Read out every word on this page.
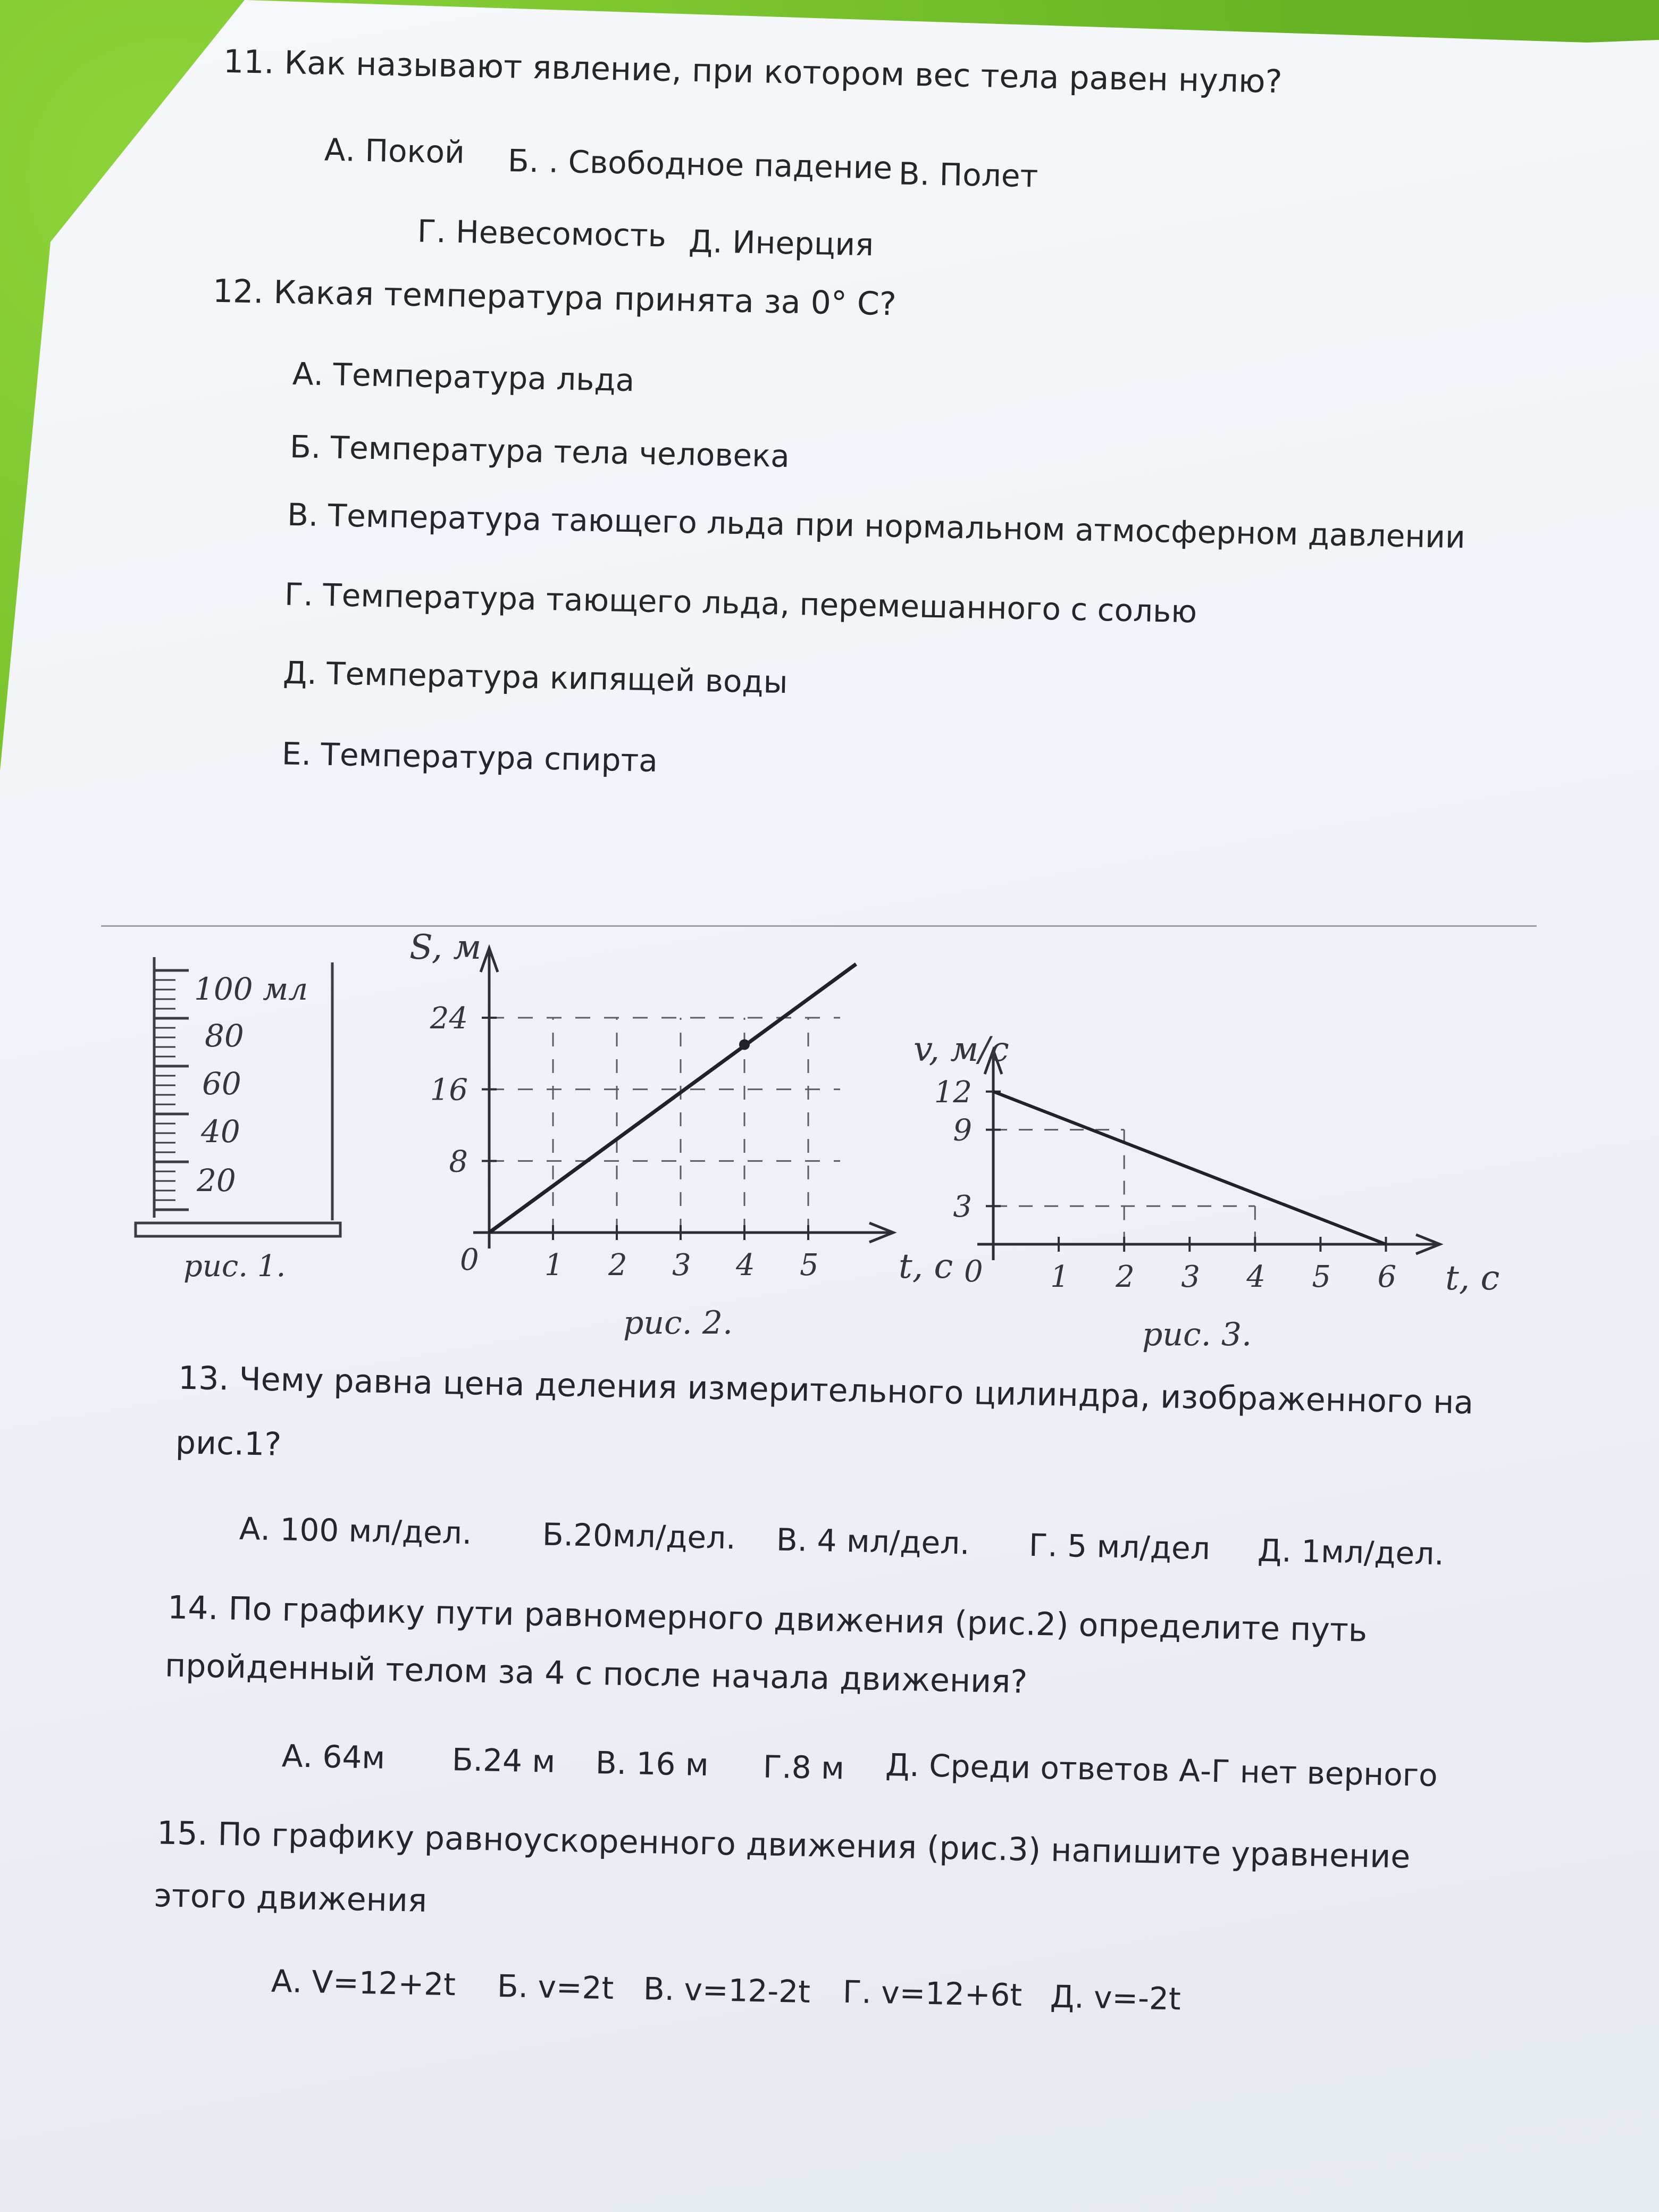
11. Как называют явление, при котором вес тела равен нулю?
А. Покой Б. . Свободное падение В. Полет
Г. Невесомость Д. Инерция
12. Какая температура принята за 0° С?
А. Температура льда
Б. Температура тела человека
В. Температура тающего льда при нормальном атмосферном давлении
Г. Температура тающего льда, перемешанного с солью
Д. Температура кипящей воды
Е. Температура спирта
100 мл
80
60
40
20
рис. 1.	1 2 3 4 5
8
16
24
0	t, с
S, м
рис. 2.
1 2 3 4 5 6
3
9
12
0	t, с
v, м/с
рис. 3.
13. Чему равна цена деления измерительного цилиндра, изображенного на
рис.1?
А. 100 мл/дел. Б.20мл/дел. В. 4 мл/дел. Г. 5 мл/дел Д. 1мл/дел.
14. По графику пути равномерного движения (рис.2) определите путь
пройденный телом за 4 с после начала движения?
А. 64м Б.24 м В. 16 м Г.8 м Д. Среди ответов А-Г нет верного
15. По графику равноускоренного движения (рис.3) напишите уравнение
этого движения
А. V=12+2t Б. v=2t В. v=12-2t Г. v=12+6t Д. v=-2t
